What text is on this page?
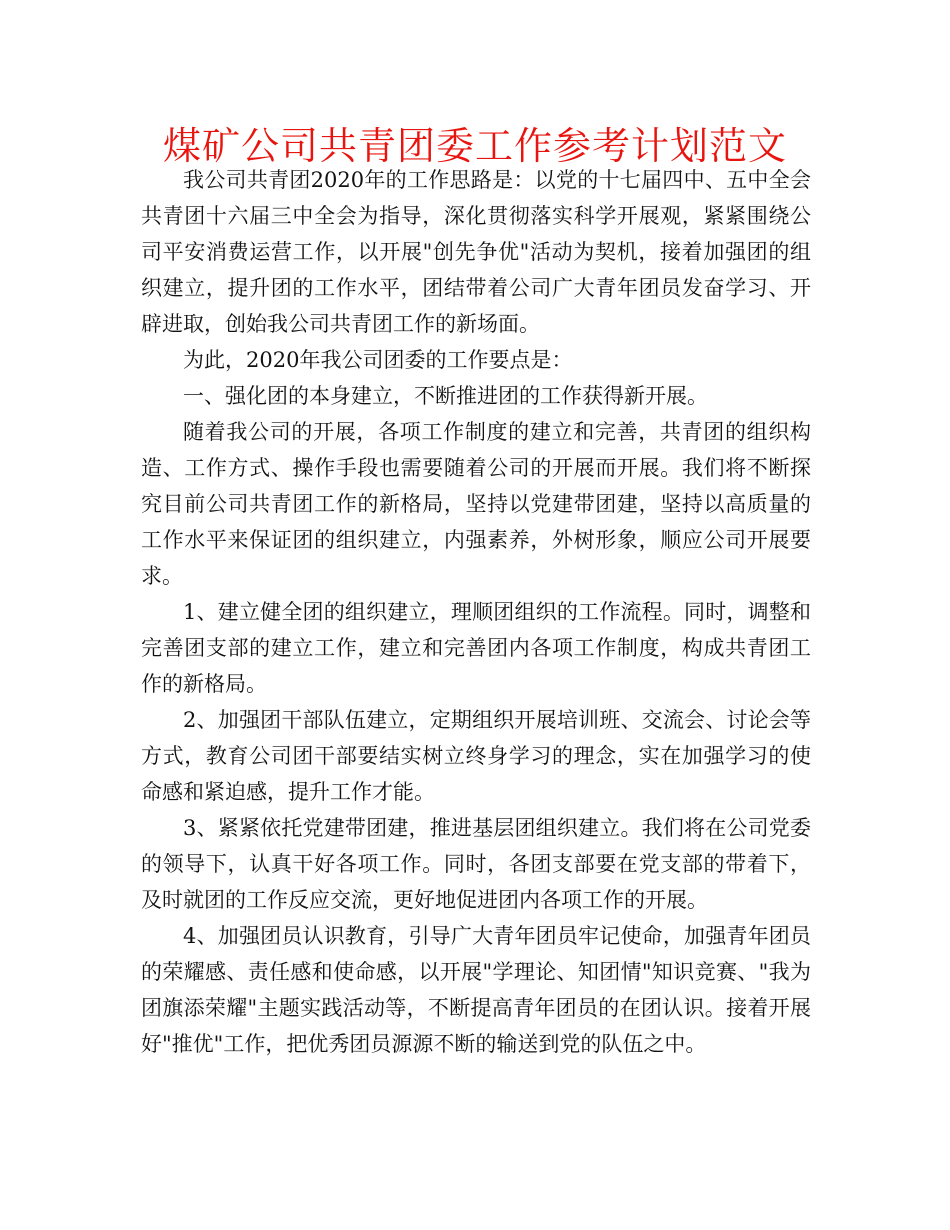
煤矿公司共青团委工作参考计划范文

我公司共青团2020年的工作思路是：以党的十七届四中、五中全会共青团十六届三中全会为指导，深化贯彻落实科学开展观，紧紧围绕公司平安消费运营工作，以开展"创先争优"活动为契机，接着加强团的组织建立，提升团的工作水平，团结带着公司广大青年团员发奋学习、开辟进取，创始我公司共青团工作的新场面。

为此，2020年我公司团委的工作要点是：

一、强化团的本身建立，不断推进团的工作获得新开展。

随着我公司的开展，各项工作制度的建立和完善，共青团的组织构造、工作方式、操作手段也需要随着公司的开展而开展。我们将不断探究目前公司共青团工作的新格局，坚持以党建带团建，坚持以高质量的工作水平来保证团的组织建立，内强素养，外树形象，顺应公司开展要求。

1、建立健全团的组织建立，理顺团组织的工作流程。同时，调整和完善团支部的建立工作，建立和完善团内各项工作制度，构成共青团工作的新格局。

2、加强团干部队伍建立，定期组织开展培训班、交流会、讨论会等方式，教育公司团干部要结实树立终身学习的理念，实在加强学习的使命感和紧迫感，提升工作才能。

3、紧紧依托党建带团建，推进基层团组织建立。我们将在公司党委的领导下，认真干好各项工作。同时，各团支部要在党支部的带着下，及时就团的工作反应交流，更好地促进团内各项工作的开展。

4、加强团员认识教育，引导广大青年团员牢记使命，加强青年团员的荣耀感、责任感和使命感，以开展"学理论、知团情"知识竞赛、"我为团旗添荣耀"主题实践活动等，不断提高青年团员的在团认识。接着开展好"推优"工作，把优秀团员源源不断的输送到党的队伍之中。
